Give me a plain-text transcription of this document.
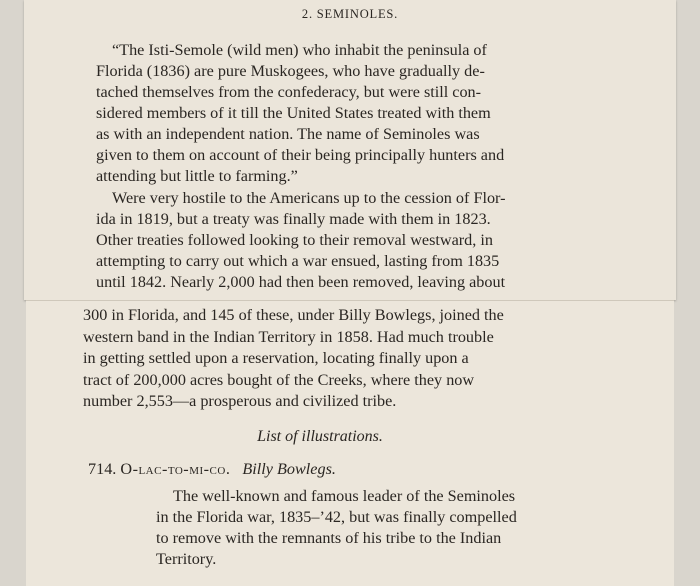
2. SEMINOLES.
“The Isti-Semole (wild men) who inhabit the peninsula of
Florida (1836) are pure Muskogees, who have gradually de-
tached themselves from the confederacy, but were still con-
sidered members of it till the United States treated with them
as with an independent nation. The name of Seminoles was
given to them on account of their being principally hunters and
attending but little to farming.”
Were very hostile to the Americans up to the cession of Flor-
ida in 1819, but a treaty was finally made with them in 1823.
Other treaties followed looking to their removal westward, in
attempting to carry out which a war ensued, lasting from 1835
until 1842. Nearly 2,000 had then been removed, leaving about
300 in Florida, and 145 of these, under Billy Bowlegs, joined the
western band in the Indian Territory in 1858. Had much trouble
in getting settled upon a reservation, locating finally upon a
tract of 200,000 acres bought of the Creeks, where they now
number 2,553—a prosperous and civilized tribe.
List of illustrations.
714. O-lac-to-mi-co. Billy Bowlegs.
The well-known and famous leader of the Seminoles
in the Florida war, 1835–’42, but was finally compelled
to remove with the remnants of his tribe to the Indian
Territory.
